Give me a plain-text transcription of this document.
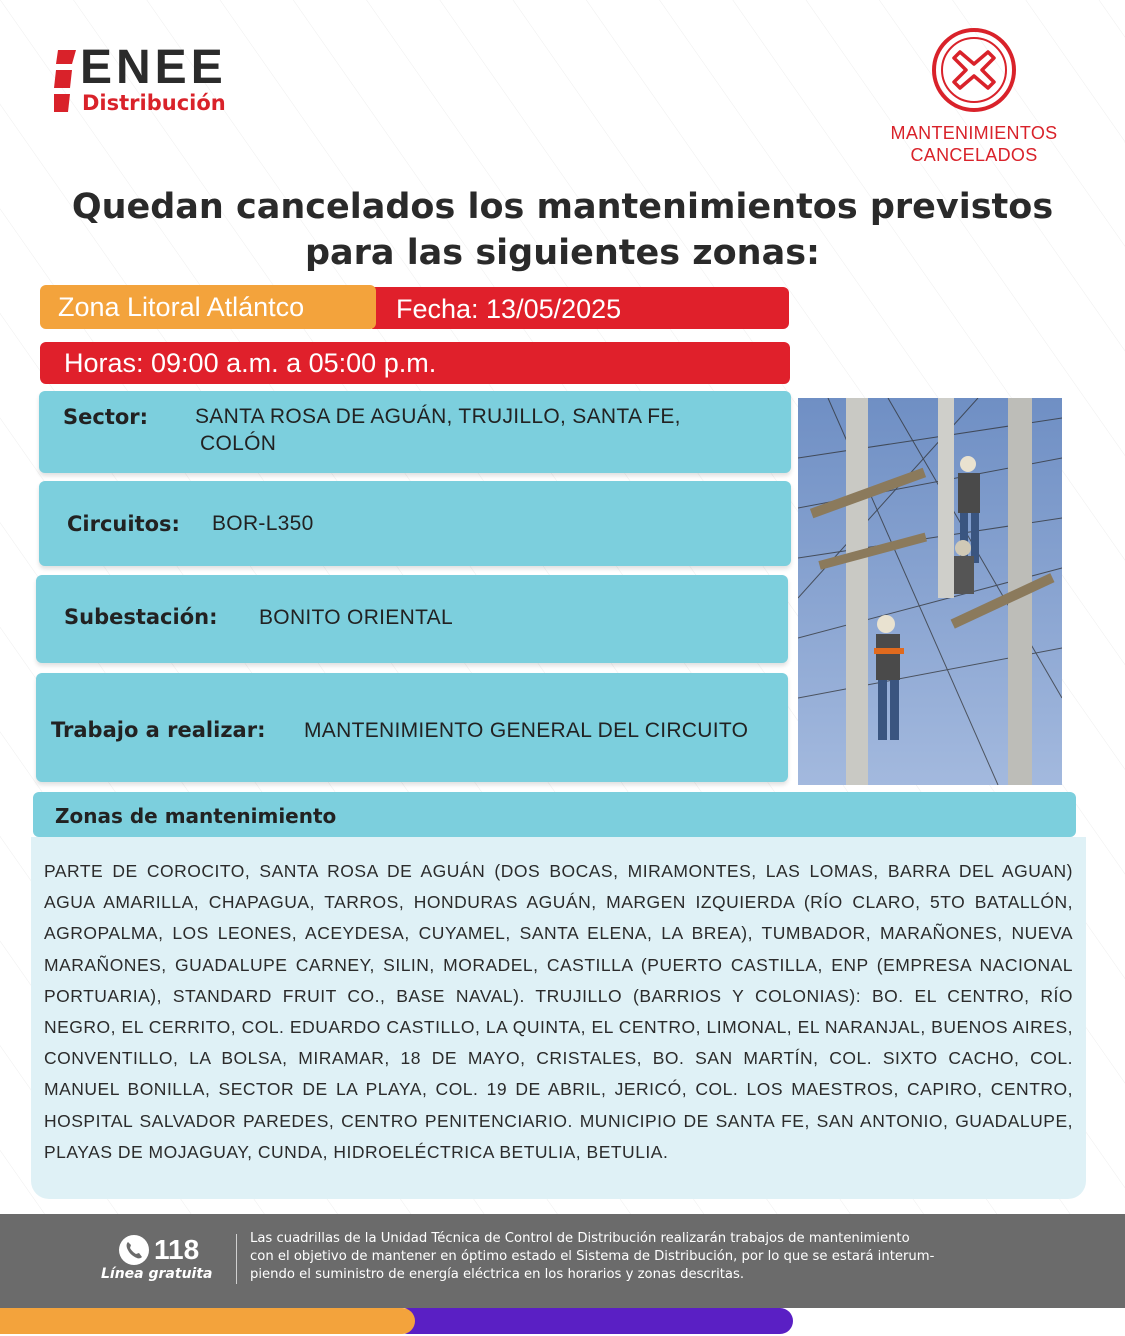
ENEE
Distribución
MANTENIMIENTOS
CANCELADOS
Quedan cancelados los mantenimientos previstos
para las siguientes zonas:
Zona Litoral Atlántco	Fecha: 13/05/2025
Horas: 09:00 a.m. a 05:00 p.m.
Sector: SANTA ROSA DE AGUÁN, TRUJILLO, SANTA FE,
COLÓN
Circuitos: BOR-L350
Subestación: BONITO ORIENTAL
Trabajo a realizar: MANTENIMIENTO GENERAL DEL CIRCUITO
Zonas de mantenimiento
PARTE DE COROCITO, SANTA ROSA DE AGUÁN (DOS BOCAS, MIRAMONTES, LAS LOMAS, BARRA DEL AGUAN) AGUA AMARILLA, CHAPAGUA, TARROS, HONDURAS AGUÁN, MARGEN IZQUIERDA (RÍO CLARO, 5TO BATALLÓN, AGROPALMA, LOS LEONES, ACEYDESA, CUYAMEL, SANTA ELENA, LA BREA), TUMBADOR, MARAÑONES, NUEVA MARAÑONES, GUADALUPE CARNEY, SILIN, MORADEL, CASTILLA (PUERTO CASTILLA, ENP (EMPRESA NACIONAL PORTUARIA), STANDARD FRUIT CO., BASE NAVAL). TRUJILLO (BARRIOS Y COLONIAS): BO. EL CENTRO, RÍO NEGRO, EL CERRITO, COL. EDUARDO CASTILLO, LA QUINTA, EL CENTRO, LIMONAL, EL NARANJAL, BUENOS AIRES, CONVENTILLO, LA BOLSA, MIRAMAR, 18 DE MAYO, CRISTALES, BO. SAN MARTÍN, COL. SIXTO CACHO, COL. MANUEL BONILLA, SECTOR DE LA PLAYA, COL. 19 DE ABRIL, JERICÓ, COL. LOS MAESTROS, CAPIRO, CENTRO, HOSPITAL SALVADOR PAREDES, CENTRO PENITENCIARIO. MUNICIPIO DE SANTA FE, SAN ANTONIO, GUADALUPE, PLAYAS DE MOJAGUAY, CUNDA, HIDROELÉCTRICA BETULIA, BETULIA.
118
Línea gratuita
Las cuadrillas de la Unidad Técnica de Control de Distribución realizarán trabajos de mantenimiento
con el objetivo de mantener en óptimo estado el Sistema de Distribución, por lo que se estará interum-
piendo el suministro de energía eléctrica en los horarios y zonas descritas.
